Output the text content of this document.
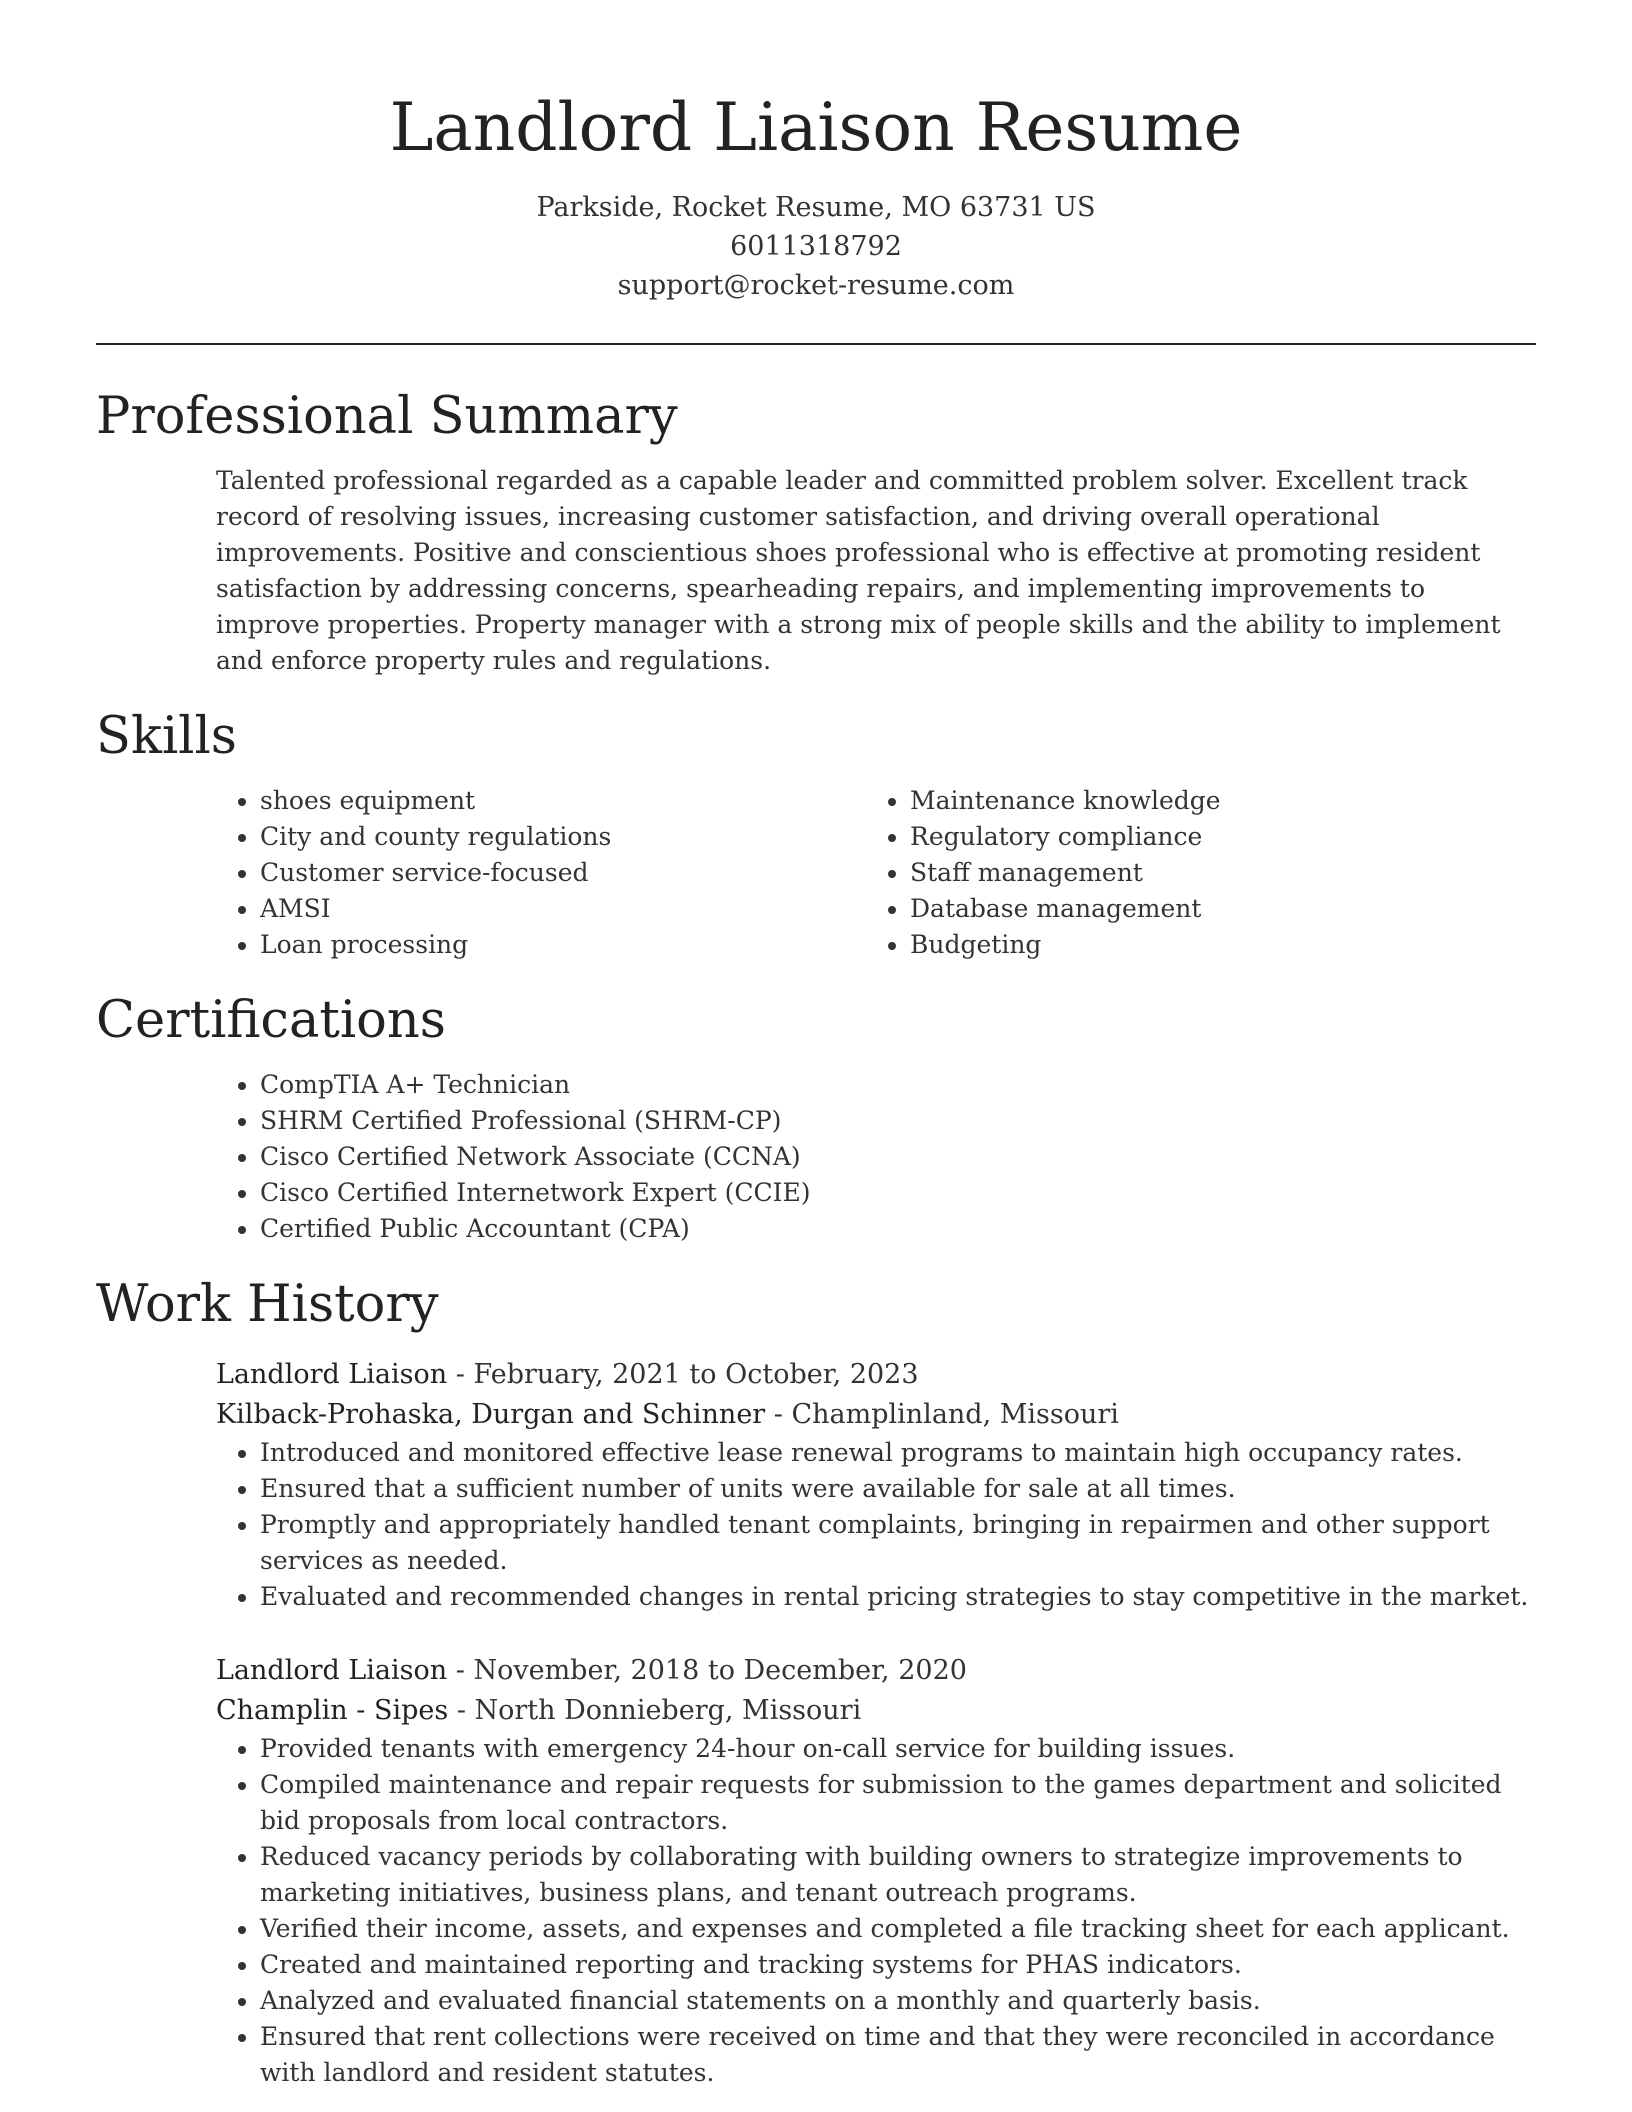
Landlord Liaison Resume
Parkside, Rocket Resume, MO 63731 US
6011318792
support@rocket-resume.com
Professional Summary

Talented professional regarded as a capable leader and committed problem solver. Excellent track record of resolving issues, increasing customer satisfaction, and driving overall operational improvements. Positive and conscientious shoes professional who is effective at promoting resident satisfaction by addressing concerns, spearheading repairs, and implementing improvements to improve properties. Property manager with a strong mix of people skills and the ability to implement and enforce property rules and regulations.

Skills
• shoes equipment
• City and county regulations
• Customer service-focused
• AMSI
• Loan processing
• Maintenance knowledge
• Regulatory compliance
• Staff management
• Database management
• Budgeting
Certifications
• CompTIA A+ Technician
• SHRM Certified Professional (SHRM-CP)
• Cisco Certified Network Associate (CCNA)
• Cisco Certified Internetwork Expert (CCIE)
• Certified Public Accountant (CPA)
Work History
Landlord Liaison - February, 2021 to October, 2023
Kilback-Prohaska, Durgan and Schinner - Champlinland, Missouri
• Introduced and monitored effective lease renewal programs to maintain high occupancy rates.
• Ensured that a sufficient number of units were available for sale at all times.
• Promptly and appropriately handled tenant complaints, bringing in repairmen and other support services as needed.
• Evaluated and recommended changes in rental pricing strategies to stay competitive in the market.
Landlord Liaison - November, 2018 to December, 2020
Champlin - Sipes - North Donnieberg, Missouri
• Provided tenants with emergency 24-hour on-call service for building issues.
• Compiled maintenance and repair requests for submission to the games department and solicited bid proposals from local contractors.
• Reduced vacancy periods by collaborating with building owners to strategize improvements to marketing initiatives, business plans, and tenant outreach programs.
• Verified their income, assets, and expenses and completed a file tracking sheet for each applicant.
• Created and maintained reporting and tracking systems for PHAS indicators.
• Analyzed and evaluated financial statements on a monthly and quarterly basis.
• Ensured that rent collections were received on time and that they were reconciled in accordance with landlord and resident statutes.
